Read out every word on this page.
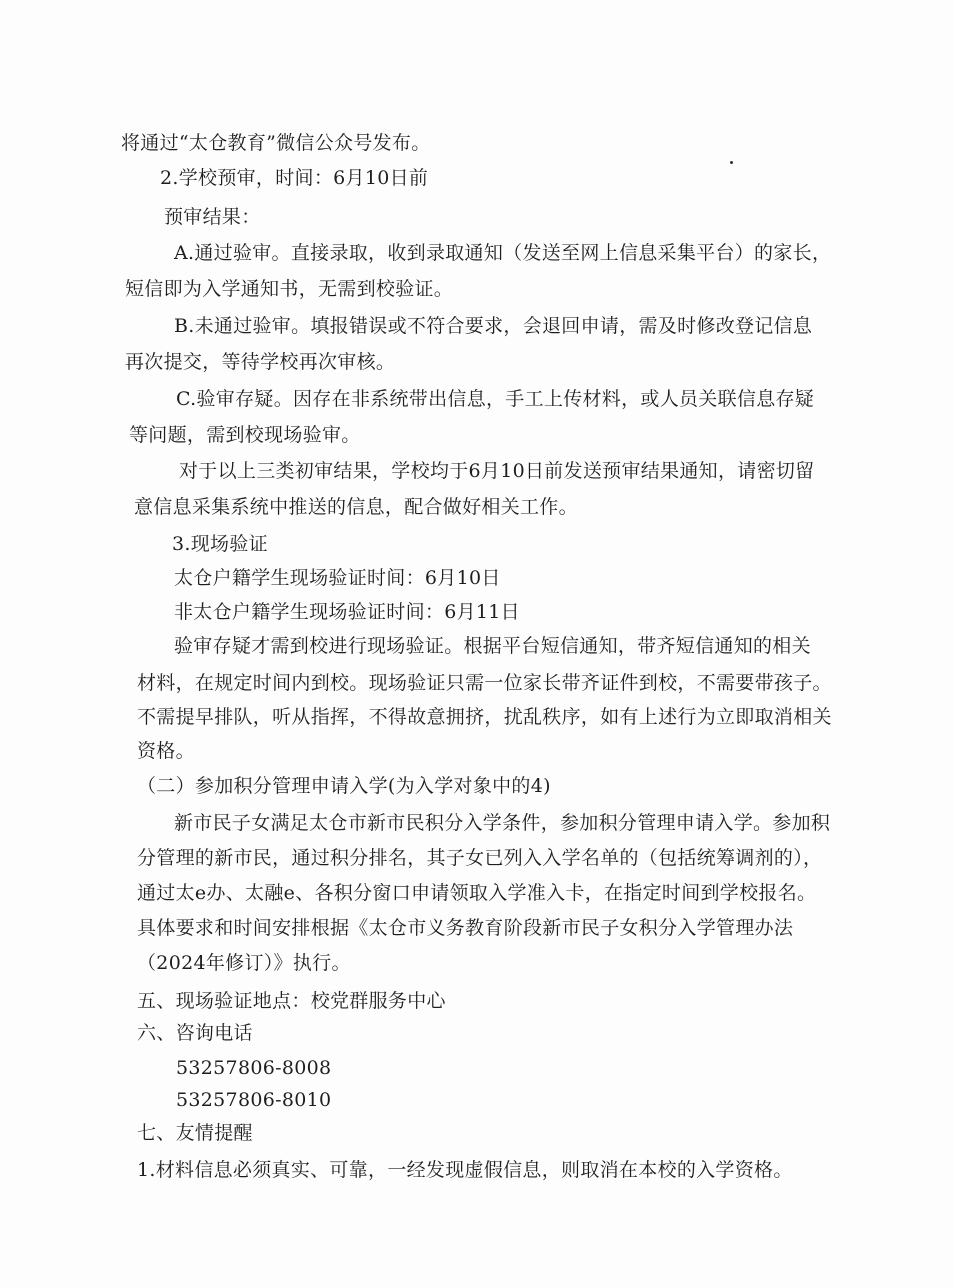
将通过“太仓教育”微信公众号发布。
2.学校预审，时间：6月10日前
预审结果：
A.通过验审。直接录取，收到录取通知（发送至网上信息采集平台）的家长，
短信即为入学通知书，无需到校验证。
B.未通过验审。填报错误或不符合要求，会退回申请，需及时修改登记信息
再次提交，等待学校再次审核。
C.验审存疑。因存在非系统带出信息，手工上传材料，或人员关联信息存疑
等问题，需到校现场验审。
对于以上三类初审结果，学校均于6月10日前发送预审结果通知，请密切留
意信息采集系统中推送的信息，配合做好相关工作。
3.现场验证
太仓户籍学生现场验证时间：6月10日
非太仓户籍学生现场验证时间：6月11日
验审存疑才需到校进行现场验证。根据平台短信通知，带齐短信通知的相关
材料，在规定时间内到校。现场验证只需一位家长带齐证件到校，不需要带孩子。
不需提早排队，听从指挥，不得故意拥挤，扰乱秩序，如有上述行为立即取消相关
资格。
（二）参加积分管理申请入学(为入学对象中的4)
新市民子女满足太仓市新市民积分入学条件，参加积分管理申请入学。参加积
分管理的新市民，通过积分排名，其子女已列入入学名单的（包括统筹调剂的），
通过太e办、太融e、各积分窗口申请领取入学准入卡，在指定时间到学校报名。
具体要求和时间安排根据《太仓市义务教育阶段新市民子女积分入学管理办法
（2024年修订）》执行。
五、现场验证地点：校党群服务中心
六、咨询电话
53257806-8008
53257806-8010
七、友情提醒
1.材料信息必须真实、可靠，一经发现虚假信息，则取消在本校的入学资格。
